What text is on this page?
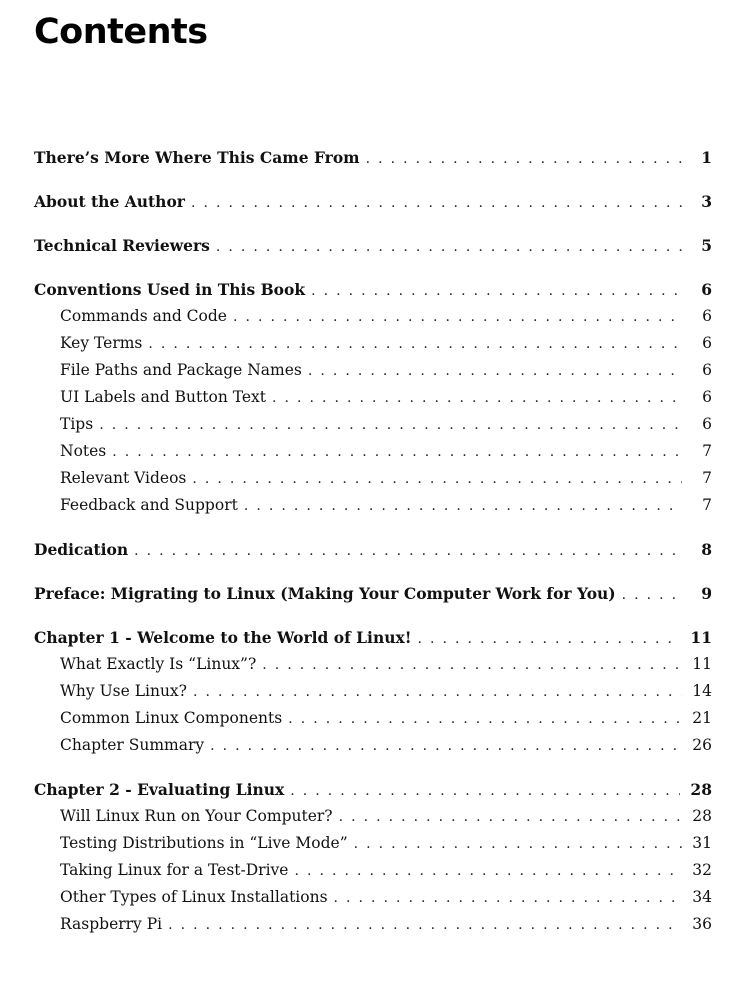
Contents
There’s More Where This Came From . . .	1
About the Author . . .	3
Technical Reviewers . . .	5
Conventions Used in This Book . . .	6
Commands and Code . . .	6
Key Terms . . .	6
File Paths and Package Names . . .	6
UI Labels and Button Text . . .	6
Tips . . .	6
Notes . . .	7
Relevant Videos . . .	7
Feedback and Support . . .	7
Dedication . . .	8
Preface: Migrating to Linux (Making Your Computer Work for You) . . .	9
Chapter 1 - Welcome to the World of Linux! . . .	11
What Exactly Is “Linux”? . . .	11
Why Use Linux? . . .	14
Common Linux Components . . .	21
Chapter Summary . . .	26
Chapter 2 - Evaluating Linux . . .	28
Will Linux Run on Your Computer? . . .	28
Testing Distributions in “Live Mode” . . .	31
Taking Linux for a Test-Drive . . .	32
Other Types of Linux Installations . . .	34
Raspberry Pi . . .	36
